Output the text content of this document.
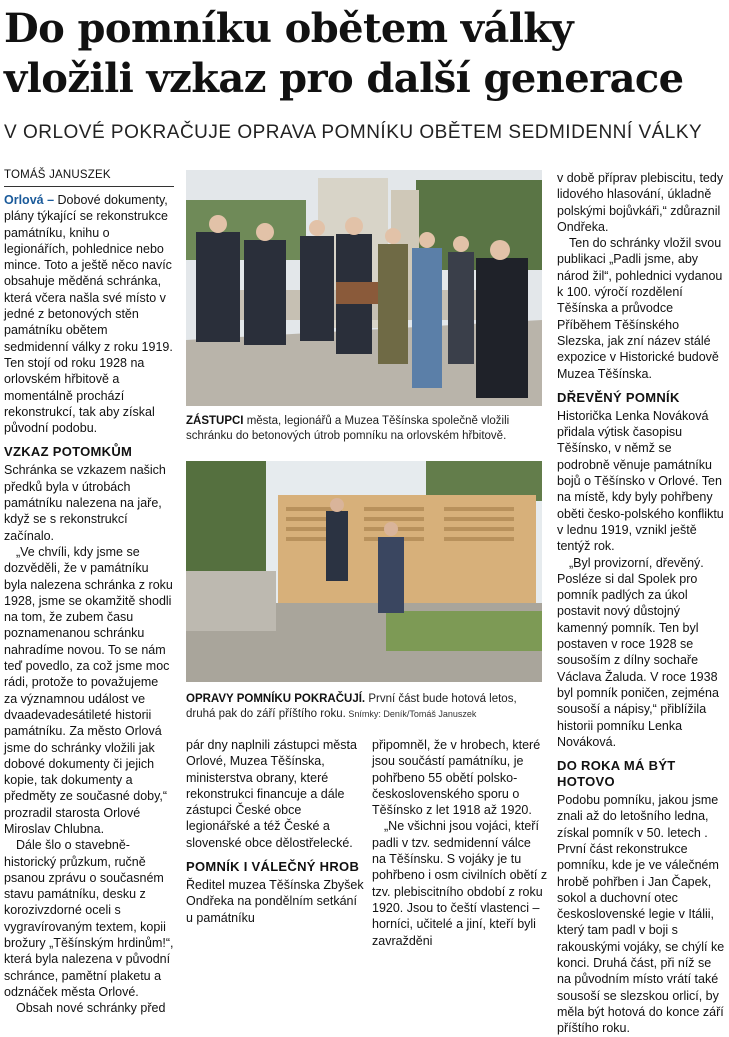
Do pomníku obětem války
vložili vzkaz pro další generace
V ORLOVÉ POKRAČUJE OPRAVA POMNÍKU OBĚTEM SEDMIDENNÍ VÁLKY
TOMÁŠ JANUSZEK

Orlová – Dobové dokumenty, plány týkající se rekonstrukce památníku, knihu o legionářích, pohlednice nebo mince. Toto a ještě něco navíc obsahuje měděná schránka, která včera našla své místo v jedné z betonových stěn památníku obětem sedmidenní války z roku 1919. Ten stojí od roku 1928 na orlovském hřbitově a momentálně prochází rekonstrukcí, tak aby získal původní podobu.

VZKAZ POTOMKŮM

Schránka se vzkazem našich předků byla v útrobách památníku nalezena na jaře, když se s rekonstrukcí začínalo.

„Ve chvíli, kdy jsme se dozvěděli, že v památníku byla nalezena schránka z roku 1928, jsme se okamžitě shodli na tom, že zubem času poznamenanou schránku nahradíme novou. To se nám teď povedlo, za což jsme moc rádi, protože to považujeme za významnou událost ve dvaadevadesátileté historii památníku. Za město Orlová jsme do schránky vložili jak dobové dokumenty či jejich kopie, tak dokumenty a předměty ze současné doby,“ prozradil starosta Orlové Miroslav Chlubna.

Dále šlo o stavebně-historický průzkum, ručně psanou zprávu o současném stavu památníku, desku z korozivzdorné oceli s vygravírovaným textem, kopii brožury „Těšínským hrdinům!“, která byla nalezena v původní schránce, pamětní plaketu a odznáček města Orlové.

Obsah nové schránky před

ZÁSTUPCI města, legionářů a Muzea Těšínska společně vložili schránku do betonových útrob pomníku na orlovském hřbitově.
OPRAVY POMNÍKU POKRAČUJÍ. První část bude hotová letos, druhá pak do září příštího roku. Snímky: Deník/Tomáš Januszek

pár dny naplnili zástupci města Orlové, Muzea Těšínska, ministerstva obrany, které rekonstrukci financuje a dále zástupci České obce legionářské a též České a slovenské obce dělostřelecké.

POMNÍK I VÁLEČNÝ HROB

Ředitel muzea Těšínska Zbyšek Ondřeka na pondělním setkání u památníku

připomněl, že v hrobech, které jsou součástí památníku, je pohřbeno 55 obětí polsko-československého sporu o Těšínsko z let 1918 až 1920.

„Ne všichni jsou vojáci, kteří padli v tzv. sedmidenní válce na Těšínsku. S vojáky je tu pohřbeno i osm civilních obětí z tzv. plebiscitního období z roku 1920. Jsou to čeští vlastenci – horníci, učitelé a jiní, kteří byli zavražděni

v době příprav plebiscitu, tedy lidového hlasování, úkladně polskými bojůvkáři,“ zdůraznil Ondřeka.

Ten do schránky vložil svou publikaci „Padli jsme, aby národ žil“, pohlednici vydanou k 100. výročí rozdělení Těšínska a průvodce Příběhem Těšínského Slezska, jak zní název stálé expozice v Historické budově Muzea Těšínska.

DŘEVĚNÝ POMNÍK

Historička Lenka Nováková přidala výtisk časopisu Těšínsko, v němž se podrobně věnuje památníku bojů o Těšínsko v Orlové. Ten na místě, kdy byly pohřbeny oběti česko-polského konfliktu v lednu 1919, vznikl ještě tentýž rok.

„Byl provizorní, dřevěný. Posléze si dal Spolek pro pomník padlých za úkol postavit nový důstojný kamenný pomník. Ten byl postaven v roce 1928 se sousoším z dílny sochaře Václava Žaluda. V roce 1938 byl pomník poničen, zejména sousoší a nápisy,“ přiblížila historii pomníku Lenka Nováková.

DO ROKA MÁ BÝT HOTOVO

Podobu pomníku, jakou jsme znali až do letošního ledna, získal pomník v 50. letech . První část rekonstrukce pomníku, kde je ve válečném hrobě pohřben i Jan Čapek, sokol a duchovní otec československé legie v Itálii, který tam padl v boji s rakouskými vojáky, se chýlí ke konci. Druhá část, při níž se na původním místo vrátí také sousoší se slezskou orlicí, by měla být hotová do konce září příštího roku.
